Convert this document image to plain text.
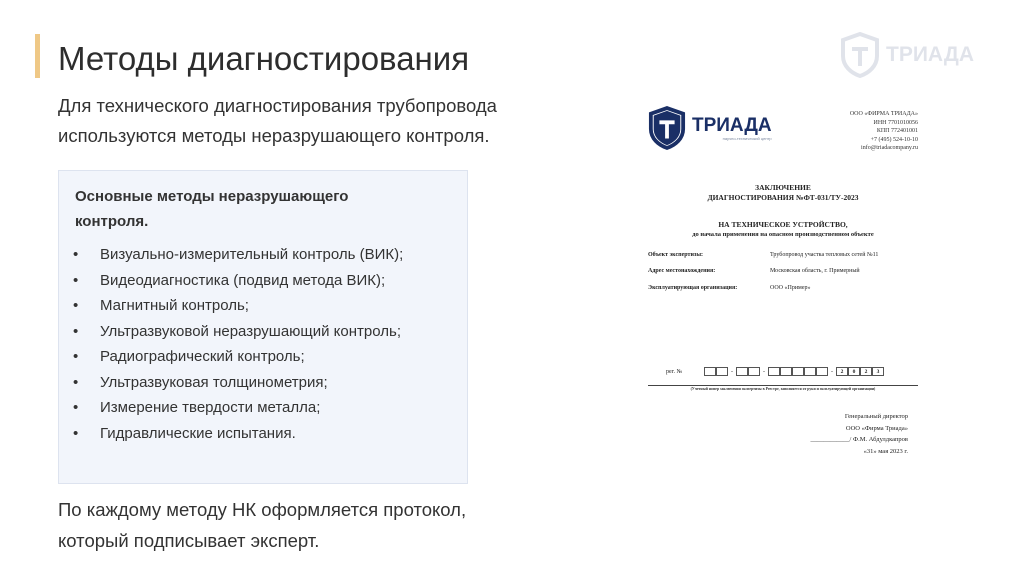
Методы диагностирования
Для технического диагностирования трубопровода
используются методы неразрушающего контроля.
Основные методы неразрушающего
контроля.
• Визуально-измерительный контроль (ВИК);
• Видеодиагностика (подвид метода ВИК);
• Магнитный контроль;
• Ультразвуковой неразрушающий контроль;
• Радиографический контроль;
• Ультразвуковая толщинометрия;
• Измерение твердости металла;
• Гидравлические испытания.
По каждому методу НК оформляется протокол,
который подписывает эксперт.
ТРИАДА
ТРИАДА
научно-технический центр
ООО «ФИРМА ТРИАДА»
ИНН 7701010056
КПП 772401001
+7 (495) 524-10-10
info@triadacompany.ru
ЗАКЛЮЧЕНИЕ
ДИАГНОСТИРОВАНИЯ №ФТ-031/ТУ-2023
НА ТЕХНИЧЕСКОЕ УСТРОЙСТВО,
до начала применения на опасном производственном объекте
Объект экспертизы:	Трубопровод участка тепловых сетей №11
Адрес местонахождения:	Московская область, г. Примерный
Эксплуатирующая организация:	ООО «Пример»
рег. №	-	-	-	2	0	2	3
(Учетный номер заключения экспертизы в Реестре, заполняется от руки и эксплуатирующей организации)
Генеральный директор
ООО «Фирма Триада»
____________/ Ф.М. Абдулдкапров
«31» мая 2023 г.
